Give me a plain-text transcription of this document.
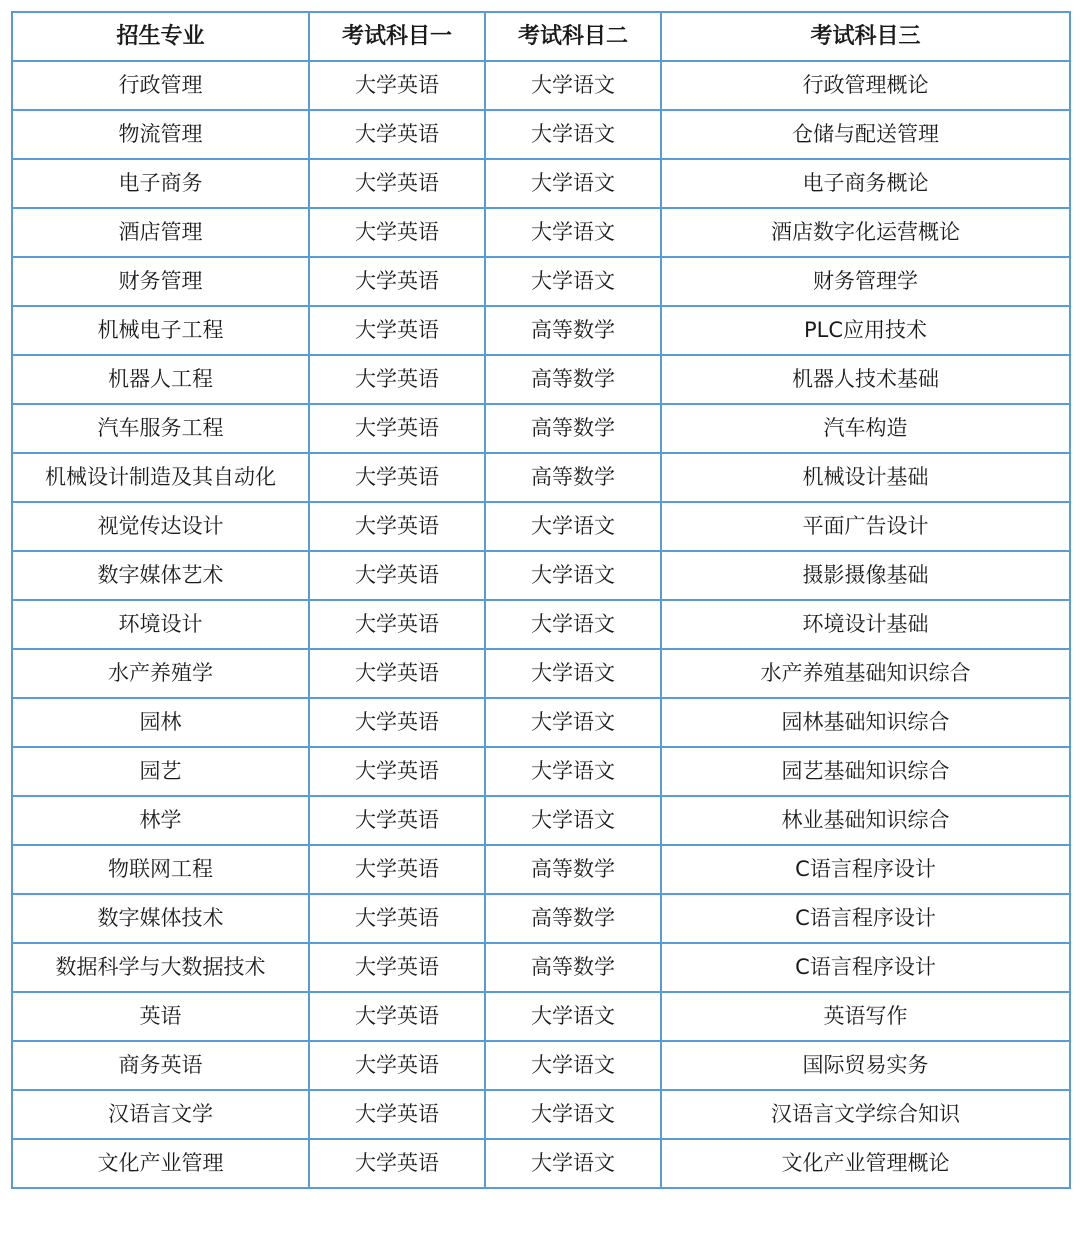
招生专业	考试科目一	考试科目二	考试科目三
行政管理	大学英语	大学语文	行政管理概论
物流管理	大学英语	大学语文	仓储与配送管理
电子商务	大学英语	大学语文	电子商务概论
酒店管理	大学英语	大学语文	酒店数字化运营概论
财务管理	大学英语	大学语文	财务管理学
机械电子工程	大学英语	高等数学	PLC应用技术
机器人工程	大学英语	高等数学	机器人技术基础
汽车服务工程	大学英语	高等数学	汽车构造
机械设计制造及其自动化	大学英语	高等数学	机械设计基础
视觉传达设计	大学英语	大学语文	平面广告设计
数字媒体艺术	大学英语	大学语文	摄影摄像基础
环境设计	大学英语	大学语文	环境设计基础
水产养殖学	大学英语	大学语文	水产养殖基础知识综合
园林	大学英语	大学语文	园林基础知识综合
园艺	大学英语	大学语文	园艺基础知识综合
林学	大学英语	大学语文	林业基础知识综合
物联网工程	大学英语	高等数学	C语言程序设计
数字媒体技术	大学英语	高等数学	C语言程序设计
数据科学与大数据技术	大学英语	高等数学	C语言程序设计
英语	大学英语	大学语文	英语写作
商务英语	大学英语	大学语文	国际贸易实务
汉语言文学	大学英语	大学语文	汉语言文学综合知识
文化产业管理	大学英语	大学语文	文化产业管理概论
